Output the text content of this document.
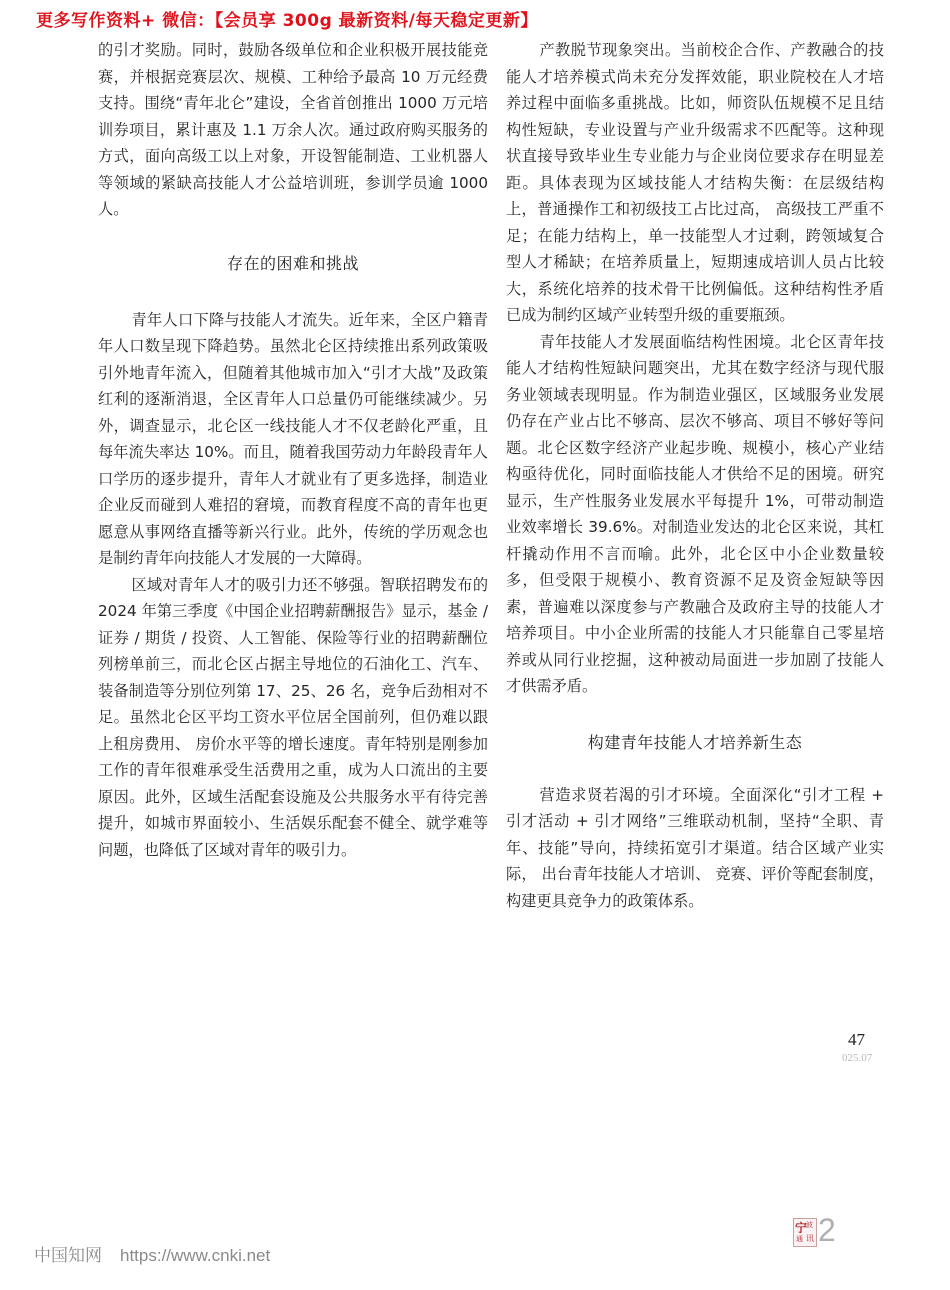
更多写作资料+ 微信：【会员享 300g 最新资料/每天稳定更新】

的引才奖励。同时，鼓励各级单位和企业积极开展技能竞赛，并根据竞赛层次、规模、工种给予最高 10 万元经费支持。围绕“青年北仑”建设，全省首创推出 1000 万元培训券项目，累计惠及 1.1 万余人次。通过政府购买服务的方式，面向高级工以上对象，开设智能制造、工业机器人等领域的紧缺高技能人才公益培训班，参训学员逾 1000 人。

存在的困难和挑战

青年人口下降与技能人才流失。近年来，全区户籍青年人口数呈现下降趋势。虽然北仑区持续推出系列政策吸引外地青年流入，但随着其他城市加入“引才大战”及政策红利的逐渐消退，全区青年人口总量仍可能继续减少。另外，调查显示，北仑区一线技能人才不仅老龄化严重，且每年流失率达 10%。而且，随着我国劳动力年龄段青年人口学历的逐步提升，青年人才就业有了更多选择，制造业企业反而碰到人难招的窘境，而教育程度不高的青年也更愿意从事网络直播等新兴行业。此外，传统的学历观念也是制约青年向技能人才发展的一大障碍。

区域对青年人才的吸引力还不够强。智联招聘发布的 2024 年第三季度《中国企业招聘薪酬报告》显示，基金 / 证券 / 期货 / 投资、人工智能、保险等行业的招聘薪酬位列榜单前三，而北仑区占据主导地位的石油化工、汽车、装备制造等分别位列第 17、25、26 名，竞争后劲相对不足。虽然北仑区平均工资水平位居全国前列，但仍难以跟上租房费用、 房价水平等的增长速度。青年特别是刚参加工作的青年很难承受生活费用之重，成为人口流出的主要原因。此外，区域生活配套设施及公共服务水平有待完善提升，如城市界面较小、生活娱乐配套不健全、就学难等问题，也降低了区域对青年的吸引力。

产教脱节现象突出。当前校企合作、产教融合的技能人才培养模式尚未充分发挥效能，职业院校在人才培养过程中面临多重挑战。比如，师资队伍规模不足且结构性短缺，专业设置与产业升级需求不匹配等。这种现状直接导致毕业生专业能力与企业岗位要求存在明显差距。具体表现为区域技能人才结构失衡：在层级结构上，普通操作工和初级技工占比过高， 高级技工严重不足；在能力结构上，单一技能型人才过剩，跨领域复合型人才稀缺；在培养质量上，短期速成培训人员占比较大，系统化培养的技术骨干比例偏低。这种结构性矛盾已成为制约区域产业转型升级的重要瓶颈。

青年技能人才发展面临结构性困境。北仑区青年技能人才结构性短缺问题突出，尤其在数字经济与现代服务业领域表现明显。作为制造业强区，区域服务业发展仍存在产业占比不够高、层次不够高、项目不够好等问题。北仑区数字经济产业起步晚、规模小，核心产业结构亟待优化，同时面临技能人才供给不足的困境。研究显示，生产性服务业发展水平每提升 1%，可带动制造业效率增长 39.6%。对制造业发达的北仑区来说，其杠杆撬动作用不言而喻。此外，北仑区中小企业数量较多，但受限于规模小、教育资源不足及资金短缺等因素，普遍难以深度参与产教融合及政府主导的技能人才培养项目。中小企业所需的技能人才只能靠自己零星培养或从同行业挖掘，这种被动局面进一步加剧了技能人才供需矛盾。

构建青年技能人才培养新生态

营造求贤若渴的引才环境。全面深化“引才工程 + 引才活动 + 引才网络”三维联动机制，坚持“全职、青年、技能”导向，持续拓宽引才渠道。结合区域产业实际， 出台青年技能人才培训、 竞赛、评价等配套制度，构建更具竞争力的政策体系。

47
025.07
中国知网 https://www.cnki.net
宁
波
通 讯 2
